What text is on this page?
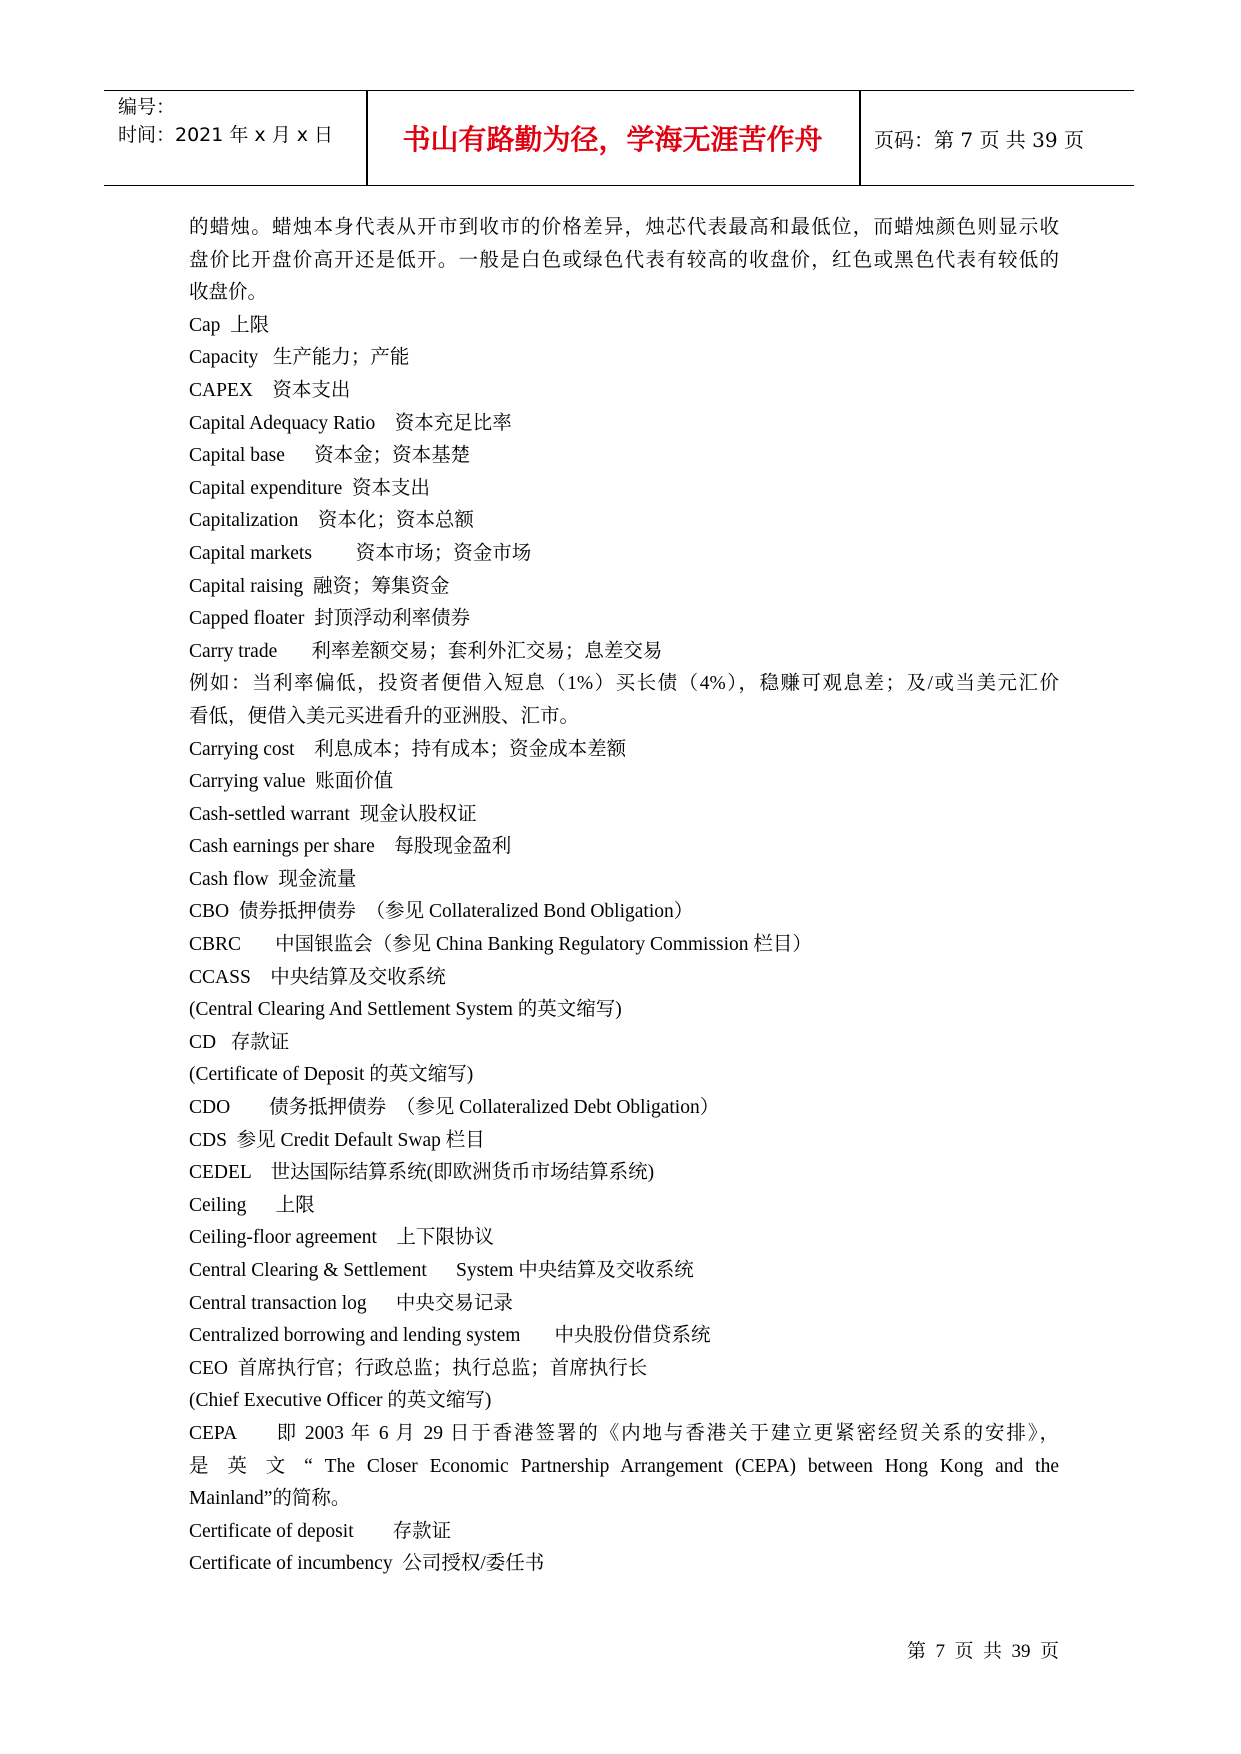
编号：
时间：2021 年 x 月 x 日	书山有路勤为径，学海无涯苦作舟	页码：第 7 页 共 39 页
的蜡烛。蜡烛本身代表从开市到收市的价格差异，烛芯代表最高和最低位，而蜡烛颜色则显示收
盘价比开盘价高开还是低开。一般是白色或绿色代表有较高的收盘价，红色或黑色代表有较低的
收盘价。
Cap  上限
Capacity   生产能力；产能
CAPEX    资本支出
Capital Adequacy Ratio    资本充足比率
Capital base      资本金；资本基楚
Capital expenditure  资本支出
Capitalization    资本化；资本总额
Capital markets         资本市场；资金市场
Capital raising  融资；筹集资金
Capped floater  封顶浮动利率债券
Carry trade       利率差额交易；套利外汇交易；息差交易
例如：当利率偏低，投资者便借入短息（1%）买长债（4%），稳赚可观息差；及/或当美元汇价
看低，便借入美元买进看升的亚洲股、汇市。
Carrying cost    利息成本；持有成本；资金成本差额
Carrying value  账面价值
Cash-settled warrant  现金认股权证
Cash earnings per share    每股现金盈利
Cash flow  现金流量
CBO  债券抵押债券  （参见 Collateralized Bond Obligation）
CBRC       中国银监会（参见 China Banking Regulatory Commission 栏目）
CCASS    中央结算及交收系统
(Central Clearing And Settlement System 的英文缩写)
CD   存款证
(Certificate of Deposit 的英文缩写)
CDO        债务抵押债券  （参见 Collateralized Debt Obligation）
CDS  参见 Credit Default Swap 栏目
CEDEL    世达国际结算系统(即欧洲货币市场结算系统)
Ceiling      上限
Ceiling-floor agreement    上下限协议
Central Clearing & Settlement      System 中央结算及交收系统
Central transaction log      中央交易记录
Centralized borrowing and lending system       中央股份借贷系统
CEO  首席执行官；行政总监；执行总监；首席执行长
(Chief Executive Officer 的英文缩写)
CEPA      即 2003 年 6 月 29 日于香港签署的《内地与香港关于建立更紧密经贸关系的安排》，
是 英 文 “ The Closer Economic Partnership Arrangement (CEPA) between Hong Kong and the
Mainland”的简称。
Certificate of deposit        存款证
Certificate of incumbency  公司授权/委任书
第  7  页  共  39  页
